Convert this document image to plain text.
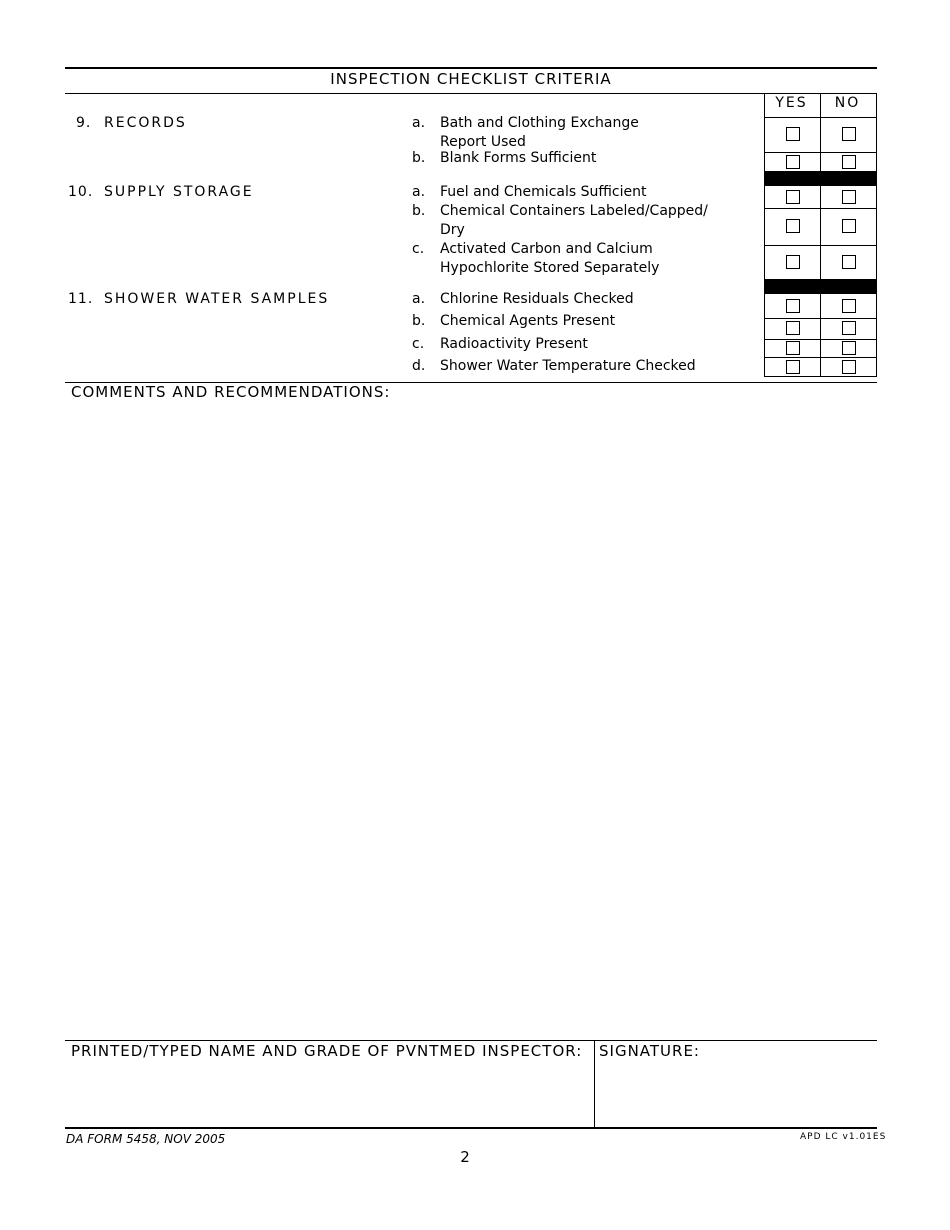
INSPECTION CHECKLIST CRITERIA
YES	NO
9. RECORDS	a. Bath and Clothing Exchange Report Used
b. Blank Forms Sufficient
10. SUPPLY STORAGE	a. Fuel and Chemicals Sufficient
b. Chemical Containers Labeled/Capped/ Dry
c. Activated Carbon and Calcium Hypochlorite Stored Separately
11. SHOWER WATER SAMPLES	a. Chlorine Residuals Checked
b. Chemical Agents Present
c. Radioactivity Present
d. Shower Water Temperature Checked
COMMENTS AND RECOMMENDATIONS:
PRINTED/TYPED NAME AND GRADE OF PVNTMED INSPECTOR: SIGNATURE:
DA FORM 5458, NOV 2005	APD LC v1.01ES
2
